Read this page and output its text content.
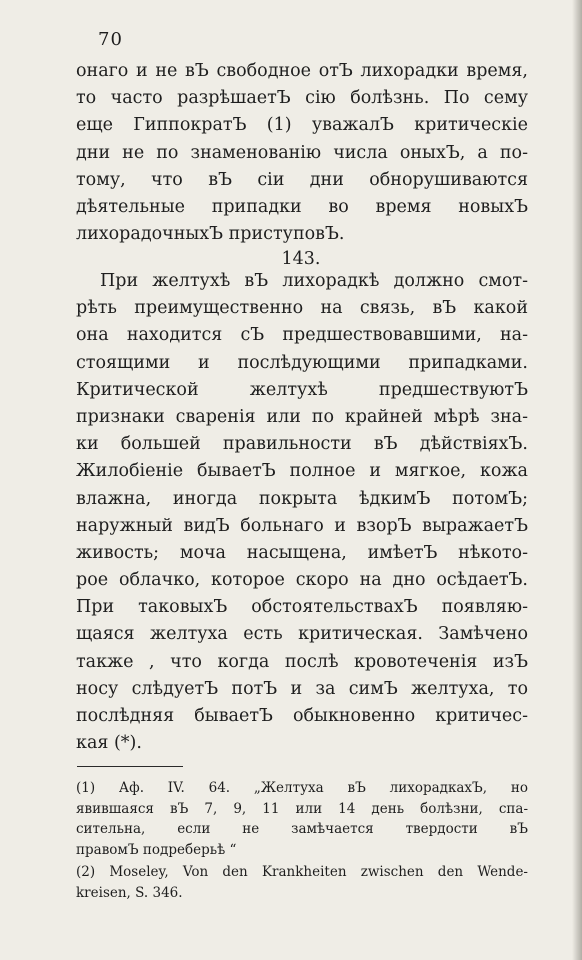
70
онаго и не вЪ свободное отЪ лихорадки время,
то часто разрѣшаетЪ сію болѣзнь. По сему
еще ГиппократЪ (1) уважалЪ критическіе
дни не по знаменованію числа оныхЪ, а по-
тому, что вЪ сіи дни обнорушиваются
дѣятельные припадки во время новыхЪ
лихорадочныхЪ приступовЪ.
143.
При желтухѣ вЪ лихорадкѣ должно смот-
рѣть преимущественно на связь, вЪ какой
она находится сЪ предшествовавшими, на-
стоящими и послѣдующими припадками.
Критической желтухѣ предшествуютЪ
признаки сваренія или по крайней мѣрѣ зна-
ки большей правильности вЪ дѣйствіяхЪ.
Жилобіеніе бываетЪ полное и мягкое, кожа
влажна, иногда покрыта ѣдкимЪ потомЪ;
наружный видЪ больнаго и взорЪ выражаетЪ
живость; моча насыщена, имѣетЪ нѣкото-
рое облачко, которое скоро на дно осѣдаетЪ.
При таковыхЪ обстоятельствахЪ появляю-
щаяся желтуха есть критическая. Замѣчено
также , что когда послѣ кровотеченія изЪ
носу слѣдуетЪ потЪ и за симЪ желтуха, то
послѣдняя бываетЪ обыкновенно критичес-
кая (*).
(1) Аф. IV. 64. „Желтуха вЪ лихорадкахЪ, но
явившаяся вЪ 7, 9, 11 или 14 день болѣзни, спа-
сительна, если не замѣчается твердости вЪ
правомЪ подреберьѣ “
(2) Moseley, Von den Krankheiten zwischen den Wende-
kreisen, S. 346.
